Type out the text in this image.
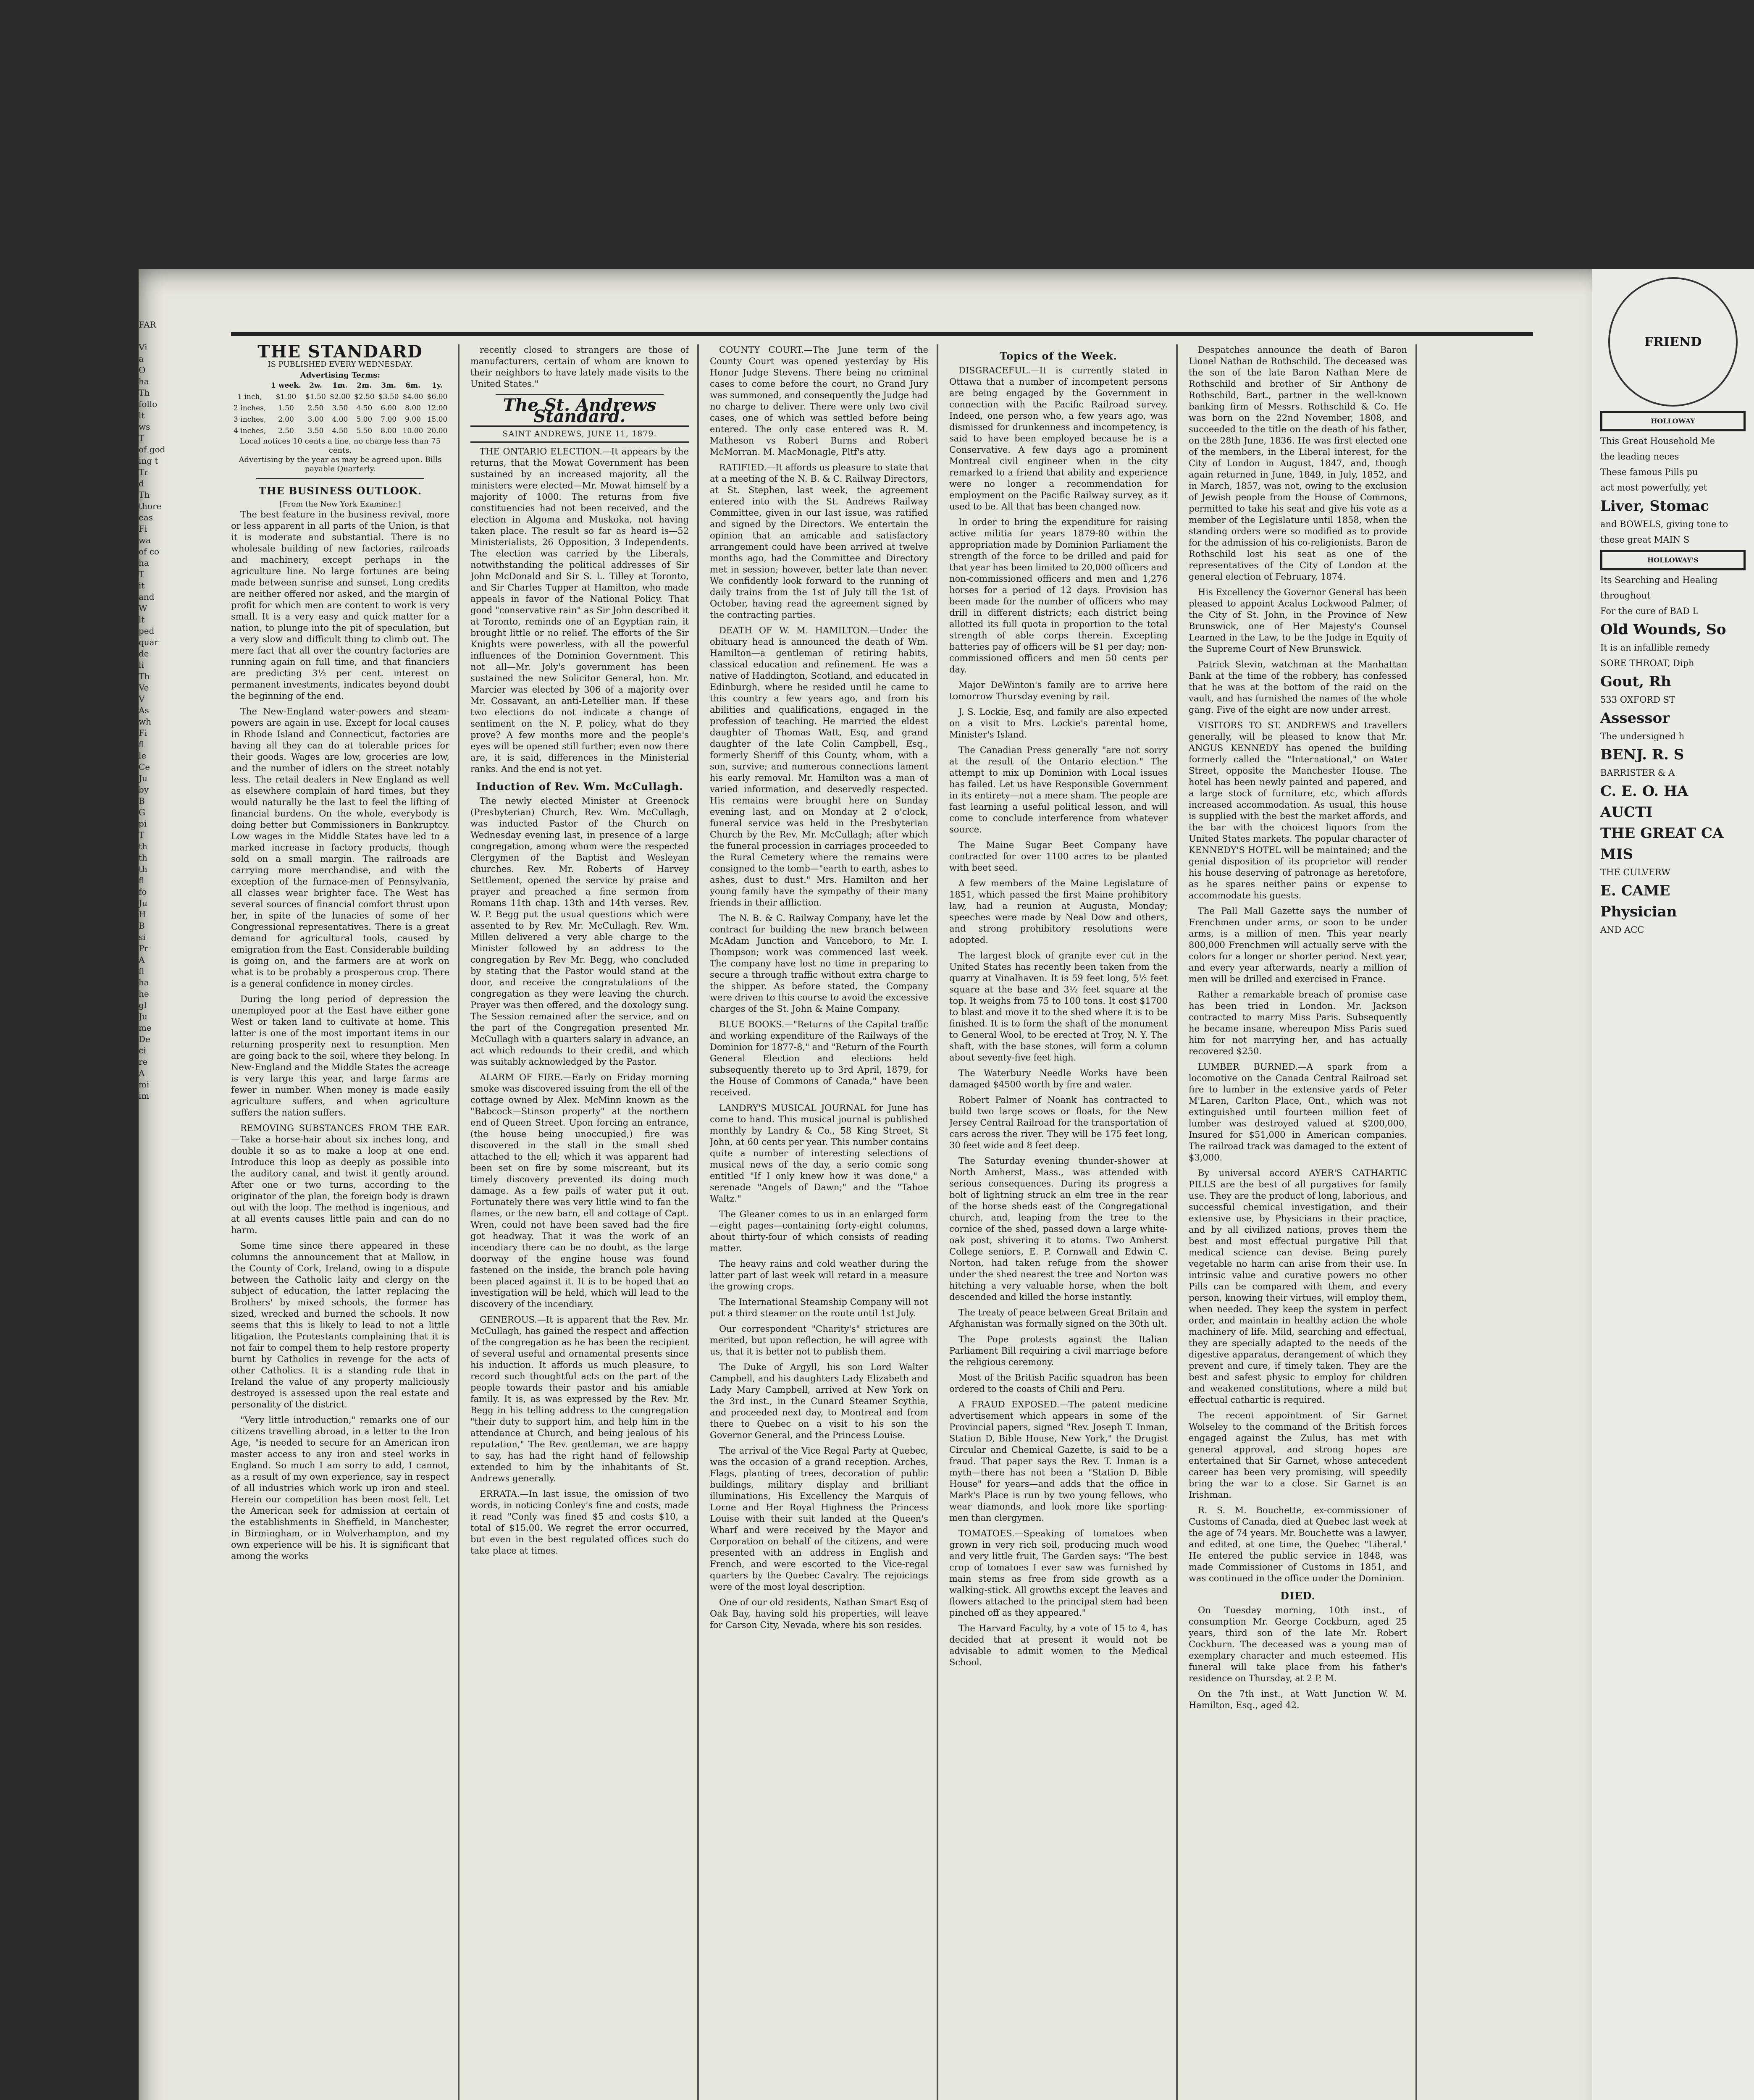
FAR

Vi
a
O
ha
Th
follo
lt
ws
T
of god
ing t
Tr
d
Th
thore
eas
Fi
wa
of co
ha
T
it
and
W
lt
ped
quar
de
li
Th
Ve
V
As
wh
Fi
fl
le
Ce
Ju
by
B
G
pi
T
th
th
th
fl
fo
Ju
H
B
si
Pr
A
fl
ha
he
gl
Ju
me
De
ci
re
A
mi
im
THE STANDARD
IS PUBLISHED EVERY WEDNESDAY.
Advertising Terms:
	1 week.	2w.	1m.	2m.	3m.	6m.	1y.
1 inch,	$1.00	$1.50	$2.00	$2.50	$3.50	$4.00	$6.00
2 inches,	1.50	2.50	3.50	4.50	6.00	8.00	12.00
3 inches,	2.00	3.00	4.00	5.00	7.00	9.00	15.00
4 inches,	2.50	3.50	4.50	5.50	8.00	10.00	20.00
Local notices 10 cents a line, no charge less than 75 cents.
Advertising by the year as may be agreed upon. Bills payable Quarterly.
THE BUSINESS OUTLOOK.
[From the New York Examiner.]

The best feature in the business revival, more or less apparent in all parts of the Union, is that it is moderate and substantial. There is no wholesale building of new factories, railroads and machinery, except perhaps in the agriculture line. No large fortunes are being made between sunrise and sunset. Long credits are neither offered nor asked, and the margin of profit for which men are content to work is very small. It is a very easy and quick matter for a nation, to plunge into the pit of speculation, but a very slow and difficult thing to climb out. The mere fact that all over the country factories are running again on full time, and that financiers are predicting 3½ per cent. interest on permanent investments, indicates beyond doubt the beginning of the end.

The New-England water-powers and steam-powers are again in use. Except for local causes in Rhode Island and Connecticut, factories are having all they can do at tolerable prices for their goods. Wages are low, groceries are low, and the number of idlers on the street notably less. The retail dealers in New England as well as elsewhere complain of hard times, but they would naturally be the last to feel the lifting of financial burdens. On the whole, everybody is doing better but Commissioners in Bankruptcy. Low wages in the Middle States have led to a marked increase in factory products, though sold on a small margin. The railroads are carrying more merchandise, and with the exception of the furnace-men of Pennsylvania, all classes wear brighter face. The West has several sources of financial comfort thrust upon her, in spite of the lunacies of some of her Congressional representatives. There is a great demand for agricultural tools, caused by emigration from the East. Considerable building is going on, and the farmers are at work on what is to be probably a prosperous crop. There is a general confidence in money circles.

During the long period of depression the unemployed poor at the East have either gone West or taken land to cultivate at home. This latter is one of the most important items in our returning prosperity next to resumption. Men are going back to the soil, where they belong. In New-England and the Middle States the acreage is very large this year, and large farms are fewer in number. When money is made easily agriculture suffers, and when agriculture suffers the nation suffers.

REMOVING SUBSTANCES FROM THE EAR.—Take a horse-hair about six inches long, and double it so as to make a loop at one end. Introduce this loop as deeply as possible into the auditory canal, and twist it gently around. After one or two turns, according to the originator of the plan, the foreign body is drawn out with the loop. The method is ingenious, and at all events causes little pain and can do no harm.

Some time since there appeared in these columns the announcement that at Mallow, in the County of Cork, Ireland, owing to a dispute between the Catholic laity and clergy on the subject of education, the latter replacing the Brothers' by mixed schools, the former has sized, wrecked and burned the schools. It now seems that this is likely to lead to not a little litigation, the Protestants complaining that it is not fair to compel them to help restore property burnt by Catholics in revenge for the acts of other Catholics. It is a standing rule that in Ireland the value of any property maliciously destroyed is assessed upon the real estate and personality of the district.

"Very little introduction," remarks one of our citizens travelling abroad, in a letter to the Iron Age, "is needed to secure for an American iron master access to any iron and steel works in England. So much I am sorry to add, I cannot, as a result of my own experience, say in respect of all industries which work up iron and steel. Herein our competition has been most felt. Let the American seek for admission at certain of the establishments in Sheffield, in Manchester, in Birmingham, or in Wolverhampton, and my own experience will be his. It is significant that among the works

recently closed to strangers are those of manufacturers, certain of whom are known to their neighbors to have lately made visits to the United States."

The St. Andrews Standard.
SAINT ANDREWS, JUNE 11, 1879.

THE ONTARIO ELECTION.—It appears by the returns, that the Mowat Government has been sustained by an increased majority, all the ministers were elected—Mr. Mowat himself by a majority of 1000. The returns from five constituencies had not been received, and the election in Algoma and Muskoka, not having taken place. The result so far as heard is—52 Ministerialists, 26 Opposition, 3 Independents. The election was carried by the Liberals, notwithstanding the political addresses of Sir John McDonald and Sir S. L. Tilley at Toronto, and Sir Charles Tupper at Hamilton, who made appeals in favor of the National Policy. That good "conservative rain" as Sir John described it at Toronto, reminds one of an Egyptian rain, it brought little or no relief. The efforts of the Sir Knights were powerless, with all the powerful influences of the Dominion Government. This not all—Mr. Joly's government has been sustained the new Solicitor General, hon. Mr. Marcier was elected by 306 of a majority over Mr. Cossavant, an anti-Letellier man. If these two elections do not indicate a change of sentiment on the N. P. policy, what do they prove? A few months more and the people's eyes will be opened still further; even now there are, it is said, differences in the Ministerial ranks. And the end is not yet.

Induction of Rev. Wm. McCullagh.

The newly elected Minister at Greenock (Presbyterian) Church, Rev. Wm. McCullagh, was inducted Pastor of the Church on Wednesday evening last, in presence of a large congregation, among whom were the respected Clergymen of the Baptist and Wesleyan churches. Rev. Mr. Roberts of Harvey Settlement, opened the service by praise and prayer and preached a fine sermon from Romans 11th chap. 13th and 14th verses. Rev. W. P. Begg put the usual questions which were assented to by Rev. Mr. McCullagh. Rev. Wm. Millen delivered a very able charge to the Minister followed by an address to the congregation by Rev Mr. Begg, who concluded by stating that the Pastor would stand at the door, and receive the congratulations of the congregation as they were leaving the church. Prayer was then offered, and the doxology sung. The Session remained after the service, and on the part of the Congregation presented Mr. McCullagh with a quarters salary in advance, an act which redounds to their credit, and which was suitably acknowledged by the Pastor.

ALARM OF FIRE.—Early on Friday morning smoke was discovered issuing from the ell of the cottage owned by Alex. McMinn known as the "Babcock—Stinson property" at the northern end of Queen Street. Upon forcing an entrance, (the house being unoccupied,) fire was discovered in the stall in the small shed attached to the ell; which it was apparent had been set on fire by some miscreant, but its timely discovery prevented its doing much damage. As a few pails of water put it out. Fortunately there was very little wind to fan the flames, or the new barn, ell and cottage of Capt. Wren, could not have been saved had the fire got headway. That it was the work of an incendiary there can be no doubt, as the large doorway of the engine house was found fastened on the inside, the branch pole having been placed against it. It is to be hoped that an investigation will be held, which will lead to the discovery of the incendiary.

GENEROUS.—It is apparent that the Rev. Mr. McCullagh, has gained the respect and affection of the congregation as he has been the recipient of several useful and ornamental presents since his induction. It affords us much pleasure, to record such thoughtful acts on the part of the people towards their pastor and his amiable family. It is, as was expressed by the Rev. Mr. Begg in his telling address to the congregation "their duty to support him, and help him in the attendance at Church, and being jealous of his reputation," The Rev. gentleman, we are happy to say, has had the right hand of fellowship extended to him by the inhabitants of St. Andrews generally.

ERRATA.—In last issue, the omission of two words, in noticing Conley's fine and costs, made it read "Conly was fined $5 and costs $10, a total of $15.00. We regret the error occurred, but even in the best regulated offices such do take place at times.

COUNTY COURT.—The June term of the County Court was opened yesterday by His Honor Judge Stevens. There being no criminal cases to come before the court, no Grand Jury was summoned, and consequently the Judge had no charge to deliver. There were only two civil cases, one of which was settled before being entered. The only case entered was R. M. Matheson vs Robert Burns and Robert McMorran. M. MacMonagle, Pltf's atty.

RATIFIED.—It affords us pleasure to state that at a meeting of the N. B. & C. Railway Directors, at St. Stephen, last week, the agreement entered into with the St. Andrews Railway Committee, given in our last issue, was ratified and signed by the Directors. We entertain the opinion that an amicable and satisfactory arrangement could have been arrived at twelve months ago, had the Committee and Directory met in session; however, better late than never. We confidently look forward to the running of daily trains from the 1st of July till the 1st of October, having read the agreement signed by the contracting parties.

DEATH OF W. M. HAMILTON.—Under the obituary head is announced the death of Wm. Hamilton—a gentleman of retiring habits, classical education and refinement. He was a native of Haddington, Scotland, and educated in Edinburgh, where he resided until he came to this country a few years ago, and from his abilities and qualifications, engaged in the profession of teaching. He married the eldest daughter of Thomas Watt, Esq, and grand daughter of the late Colin Campbell, Esq., formerly Sheriff of this County, whom, with a son, survive; and numerous connections lament his early removal. Mr. Hamilton was a man of varied information, and deservedly respected. His remains were brought here on Sunday evening last, and on Monday at 2 o'clock, funeral service was held in the Presbyterian Church by the Rev. Mr. McCullagh; after which the funeral procession in carriages proceeded to the Rural Cemetery where the remains were consigned to the tomb—"earth to earth, ashes to ashes, dust to dust." Mrs. Hamilton and her young family have the sympathy of their many friends in their affliction.

The N. B. & C. Railway Company, have let the contract for building the new branch between McAdam Junction and Vanceboro, to Mr. I. Thompson; work was commenced last week. The company have lost no time in preparing to secure a through traffic without extra charge to the shipper. As before stated, the Company were driven to this course to avoid the excessive charges of the St. John & Maine Company.

BLUE BOOKS.—"Returns of the Capital traffic and working expenditure of the Railways of the Dominion for 1877-8," and "Return of the Fourth General Election and elections held subsequently thereto up to 3rd April, 1879, for the House of Commons of Canada," have been received.

LANDRY'S MUSICAL JOURNAL for June has come to hand. This musical journal is published monthly by Landry & Co., 58 King Street, St John, at 60 cents per year. This number contains quite a number of interesting selections of musical news of the day, a serio comic song entitled "If I only knew how it was done," a serenade "Angels of Dawn;" and the "Tahoe Waltz."

The Gleaner comes to us in an enlarged form—eight pages—containing forty-eight columns, about thirty-four of which consists of reading matter.

The heavy rains and cold weather during the latter part of last week will retard in a measure the growing crops.

The International Steamship Company will not put a third steamer on the route until 1st July.

Our correspondent "Charity's" strictures are merited, but upon reflection, he will agree with us, that it is better not to publish them.

The Duke of Argyll, his son Lord Walter Campbell, and his daughters Lady Elizabeth and Lady Mary Campbell, arrived at New York on the 3rd inst., in the Cunard Steamer Scythia, and proceeded next day, to Montreal and from there to Quebec on a visit to his son the Governor General, and the Princess Louise.

The arrival of the Vice Regal Party at Quebec, was the occasion of a grand reception. Arches, Flags, planting of trees, decoration of public buildings, military display and brilliant illuminations, His Excellency the Marquis of Lorne and Her Royal Highness the Princess Louise with their suit landed at the Queen's Wharf and were received by the Mayor and Corporation on behalf of the citizens, and were presented with an address in English and French, and were escorted to the Vice-regal quarters by the Quebec Cavalry. The rejoicings were of the most loyal description.

One of our old residents, Nathan Smart Esq of Oak Bay, having sold his properties, will leave for Carson City, Nevada, where his son resides.

Topics of the Week.

DISGRACEFUL.—It is currently stated in Ottawa that a number of incompetent persons are being engaged by the Government in connection with the Pacific Railroad survey. Indeed, one person who, a few years ago, was dismissed for drunkenness and incompetency, is said to have been employed because he is a Conservative. A few days ago a prominent Montreal civil engineer when in the city remarked to a friend that ability and experience were no longer a recommendation for employment on the Pacific Railway survey, as it used to be. All that has been changed now.

In order to bring the expenditure for raising active militia for years 1879-80 within the appropriation made by Dominion Parliament the strength of the force to be drilled and paid for that year has been limited to 20,000 officers and non-commissioned officers and men and 1,276 horses for a period of 12 days. Provision has been made for the number of officers who may drill in different districts; each district being allotted its full quota in proportion to the total strength of able corps therein. Excepting batteries pay of officers will be $1 per day; non-commissioned officers and men 50 cents per day.

Major DeWinton's family are to arrive here tomorrow Thursday evening by rail.

J. S. Lockie, Esq, and family are also expected on a visit to Mrs. Lockie's parental home, Minister's Island.

The Canadian Press generally "are not sorry at the result of the Ontario election." The attempt to mix up Dominion with Local issues has failed. Let us have Responsible Government in its entirety—not a mere sham. The people are fast learning a useful political lesson, and will come to conclude interference from whatever source.

The Maine Sugar Beet Company have contracted for over 1100 acres to be planted with beet seed.

A few members of the Maine Legislature of 1851, which passed the first Maine prohibitory law, had a reunion at Augusta, Monday; speeches were made by Neal Dow and others, and strong prohibitory resolutions were adopted.

The largest block of granite ever cut in the United States has recently been taken from the quarry at Vinalhaven. It is 59 feet long, 5½ feet square at the base and 3½ feet square at the top. It weighs from 75 to 100 tons. It cost $1700 to blast and move it to the shed where it is to be finished. It is to form the shaft of the monument to General Wool, to be erected at Troy, N. Y. The shaft, with the base stones, will form a column about seventy-five feet high.

The Waterbury Needle Works have been damaged $4500 worth by fire and water.

Robert Palmer of Noank has contracted to build two large scows or floats, for the New Jersey Central Railroad for the transportation of cars across the river. They will be 175 feet long, 30 feet wide and 8 feet deep.

The Saturday evening thunder-shower at North Amherst, Mass., was attended with serious consequences. During its progress a bolt of lightning struck an elm tree in the rear of the horse sheds east of the Congregational church, and, leaping from the tree to the cornice of the shed, passed down a large white-oak post, shivering it to atoms. Two Amherst College seniors, E. P. Cornwall and Edwin C. Norton, had taken refuge from the shower under the shed nearest the tree and Norton was hitching a very valuable horse, when the bolt descended and killed the horse instantly.

The treaty of peace between Great Britain and Afghanistan was formally signed on the 30th ult.

The Pope protests against the Italian Parliament Bill requiring a civil marriage before the religious ceremony.

Most of the British Pacific squadron has been ordered to the coasts of Chili and Peru.

A FRAUD EXPOSED.—The patent medicine advertisement which appears in some of the Provincial papers, signed "Rev. Joseph T. Inman, Station D, Bible House, New York," the Drugist Circular and Chemical Gazette, is said to be a fraud. That paper says the Rev. T. Inman is a myth—there has not been a "Station D. Bible House" for years—and adds that the office in Mark's Place is run by two young fellows, who wear diamonds, and look more like sporting-men than clergymen.

TOMATOES.—Speaking of tomatoes when grown in very rich soil, producing much wood and very little fruit, The Garden says: "The best crop of tomatoes I ever saw was furnished by main stems as free from side growth as a walking-stick. All growths except the leaves and flowers attached to the principal stem had been pinched off as they appeared."

The Harvard Faculty, by a vote of 15 to 4, has decided that at present it would not be advisable to admit women to the Medical School.

Despatches announce the death of Baron Lionel Nathan de Rothschild. The deceased was the son of the late Baron Nathan Mere de Rothschild and brother of Sir Anthony de Rothschild, Bart., partner in the well-known banking firm of Messrs. Rothschild & Co. He was born on the 22nd November, 1808, and succeeded to the title on the death of his father, on the 28th June, 1836. He was first elected one of the members, in the Liberal interest, for the City of London in August, 1847, and, though again returned in June, 1849, in July, 1852, and in March, 1857, was not, owing to the exclusion of Jewish people from the House of Commons, permitted to take his seat and give his vote as a member of the Legislature until 1858, when the standing orders were so modified as to provide for the admission of his co-religionists. Baron de Rothschild lost his seat as one of the representatives of the City of London at the general election of February, 1874.

His Excellency the Governor General has been pleased to appoint Acalus Lockwood Palmer, of the City of St. John, in the Province of New Brunswick, one of Her Majesty's Counsel Learned in the Law, to be the Judge in Equity of the Supreme Court of New Brunswick.

Patrick Slevin, watchman at the Manhattan Bank at the time of the robbery, has confessed that he was at the bottom of the raid on the vault, and has furnished the names of the whole gang. Five of the eight are now under arrest.

VISITORS TO ST. ANDREWS and travellers generally, will be pleased to know that Mr. ANGUS KENNEDY has opened the building formerly called the "International," on Water Street, opposite the Manchester House. The hotel has been newly painted and papered, and a large stock of furniture, etc, which affords increased accommodation. As usual, this house is supplied with the best the market affords, and the bar with the choicest liquors from the United States markets. The popular character of KENNEDY'S HOTEL will be maintained; and the genial disposition of its proprietor will render his house deserving of patronage as heretofore, as he spares neither pains or expense to accommodate his guests.

The Pall Mall Gazette says the number of Frenchmen under arms, or soon to be under arms, is a million of men. This year nearly 800,000 Frenchmen will actually serve with the colors for a longer or shorter period. Next year, and every year afterwards, nearly a million of men will be drilled and exercised in France.

Rather a remarkable breach of promise case has been tried in London. Mr. Jackson contracted to marry Miss Paris. Subsequently he became insane, whereupon Miss Paris sued him for not marrying her, and has actually recovered $250.

LUMBER BURNED.—A spark from a locomotive on the Canada Central Railroad set fire to lumber in the extensive yards of Peter M'Laren, Carlton Place, Ont., which was not extinguished until fourteen million feet of lumber was destroyed valued at $200,000. Insured for $51,000 in American companies. The railroad track was damaged to the extent of $3,000.

By universal accord AYER'S CATHARTIC PILLS are the best of all purgatives for family use. They are the product of long, laborious, and successful chemical investigation, and their extensive use, by Physicians in their practice, and by all civilized nations, proves them the best and most effectual purgative Pill that medical science can devise. Being purely vegetable no harm can arise from their use. In intrinsic value and curative powers no other Pills can be compared with them, and every person, knowing their virtues, will employ them, when needed. They keep the system in perfect order, and maintain in healthy action the whole machinery of life. Mild, searching and effectual, they are specially adapted to the needs of the digestive apparatus, derangement of which they prevent and cure, if timely taken. They are the best and safest physic to employ for children and weakened constitutions, where a mild but effectual cathartic is required.

The recent appointment of Sir Garnet Wolseley to the command of the British forces engaged against the Zulus, has met with general approval, and strong hopes are entertained that Sir Garnet, whose antecedent career has been very promising, will speedily bring the war to a close. Sir Garnet is an Irishman.

R. S. M. Bouchette, ex-commissioner of Customs of Canada, died at Quebec last week at the age of 74 years. Mr. Bouchette was a lawyer, and edited, at one time, the Quebec "Liberal." He entered the public service in 1848, was made Commissioner of Customs in 1851, and was continued in the office under the Dominion.

DIED.

On Tuesday morning, 10th inst., of consumption Mr. George Cockburn, aged 25 years, third son of the late Mr. Robert Cockburn. The deceased was a young man of exemplary character and much esteemed. His funeral will take place from his father's residence on Thursday, at 2 P. M.

On the 7th inst., at Watt Junction W. M. Hamilton, Esq., aged 42.

FRIEND
HOLLOWAY
This Great Household Me
the leading neces
These famous Pills pu
act most powerfully, yet
Liver, Stomac
and BOWELS, giving tone to
these great MAIN S
HOLLOWAY'S
Its Searching and Healing
throughout
For the cure of BAD L
Old Wounds, So
It is an infallible remedy
SORE THROAT, Diph
Gout, Rh
533 OXFORD ST
Assessor
The undersigned h
BENJ. R. S
BARRISTER & A
C. E. O. HA
AUCTI
THE GREAT CA
MIS
THE CULVERW
E. CAME
Physician
AND ACC
